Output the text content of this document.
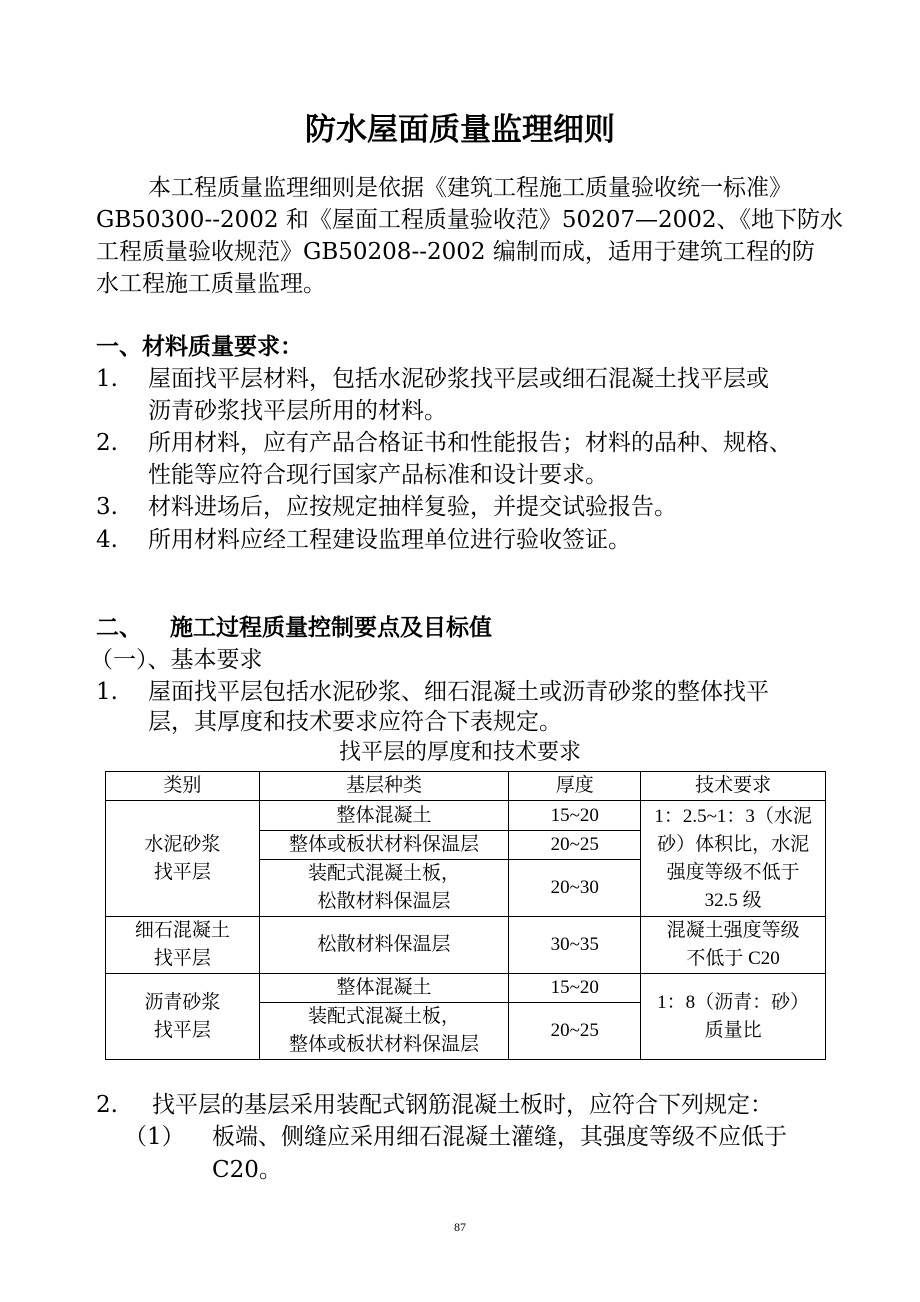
防水屋面质量监理细则
本工程质量监理细则是依据《建筑工程施工质量验收统一标准》
GB50300--2002 和《屋面工程质量验收范》50207—2002、《地下防水
工程质量验收规范》GB50208--2002 编制而成，适用于建筑工程的防
水工程施工质量监理。
一、材料质量要求：
1. 屋面找平层材料，包括水泥砂浆找平层或细石混凝土找平层或
沥青砂浆找平层所用的材料。
2. 所用材料，应有产品合格证书和性能报告；材料的品种、规格、
性能等应符合现行国家产品标准和设计要求。
3. 材料进场后，应按规定抽样复验，并提交试验报告。
4. 所用材料应经工程建设监理单位进行验收签证。
二、 施工过程质量控制要点及目标值
（一）、基本要求
1. 屋面找平层包括水泥砂浆、细石混凝土或沥青砂浆的整体找平
层，其厚度和技术要求应符合下表规定。
找平层的厚度和技术要求
类别	基层种类	厚度	技术要求
水泥砂浆
找平层	整体混凝土	15~20	1：2.5~1：3（水泥
砂）体积比，水泥
强度等级不低于
32.5 级
	整体或板状材料保温层	20~25	
	装配式混凝土板，
松散材料保温层	20~30	
细石混凝土
找平层	松散材料保温层	30~35	混凝土强度等级
不低于 C20
沥青砂浆
找平层	整体混凝土	15~20	1：8（沥青：砂）
质量比
	装配式混凝土板，
整体或板状材料保温层	20~25	
2. 找平层的基层采用装配式钢筋混凝土板时，应符合下列规定：
（1） 板端、侧缝应采用细石混凝土灌缝，其强度等级不应低于
C20。
87
